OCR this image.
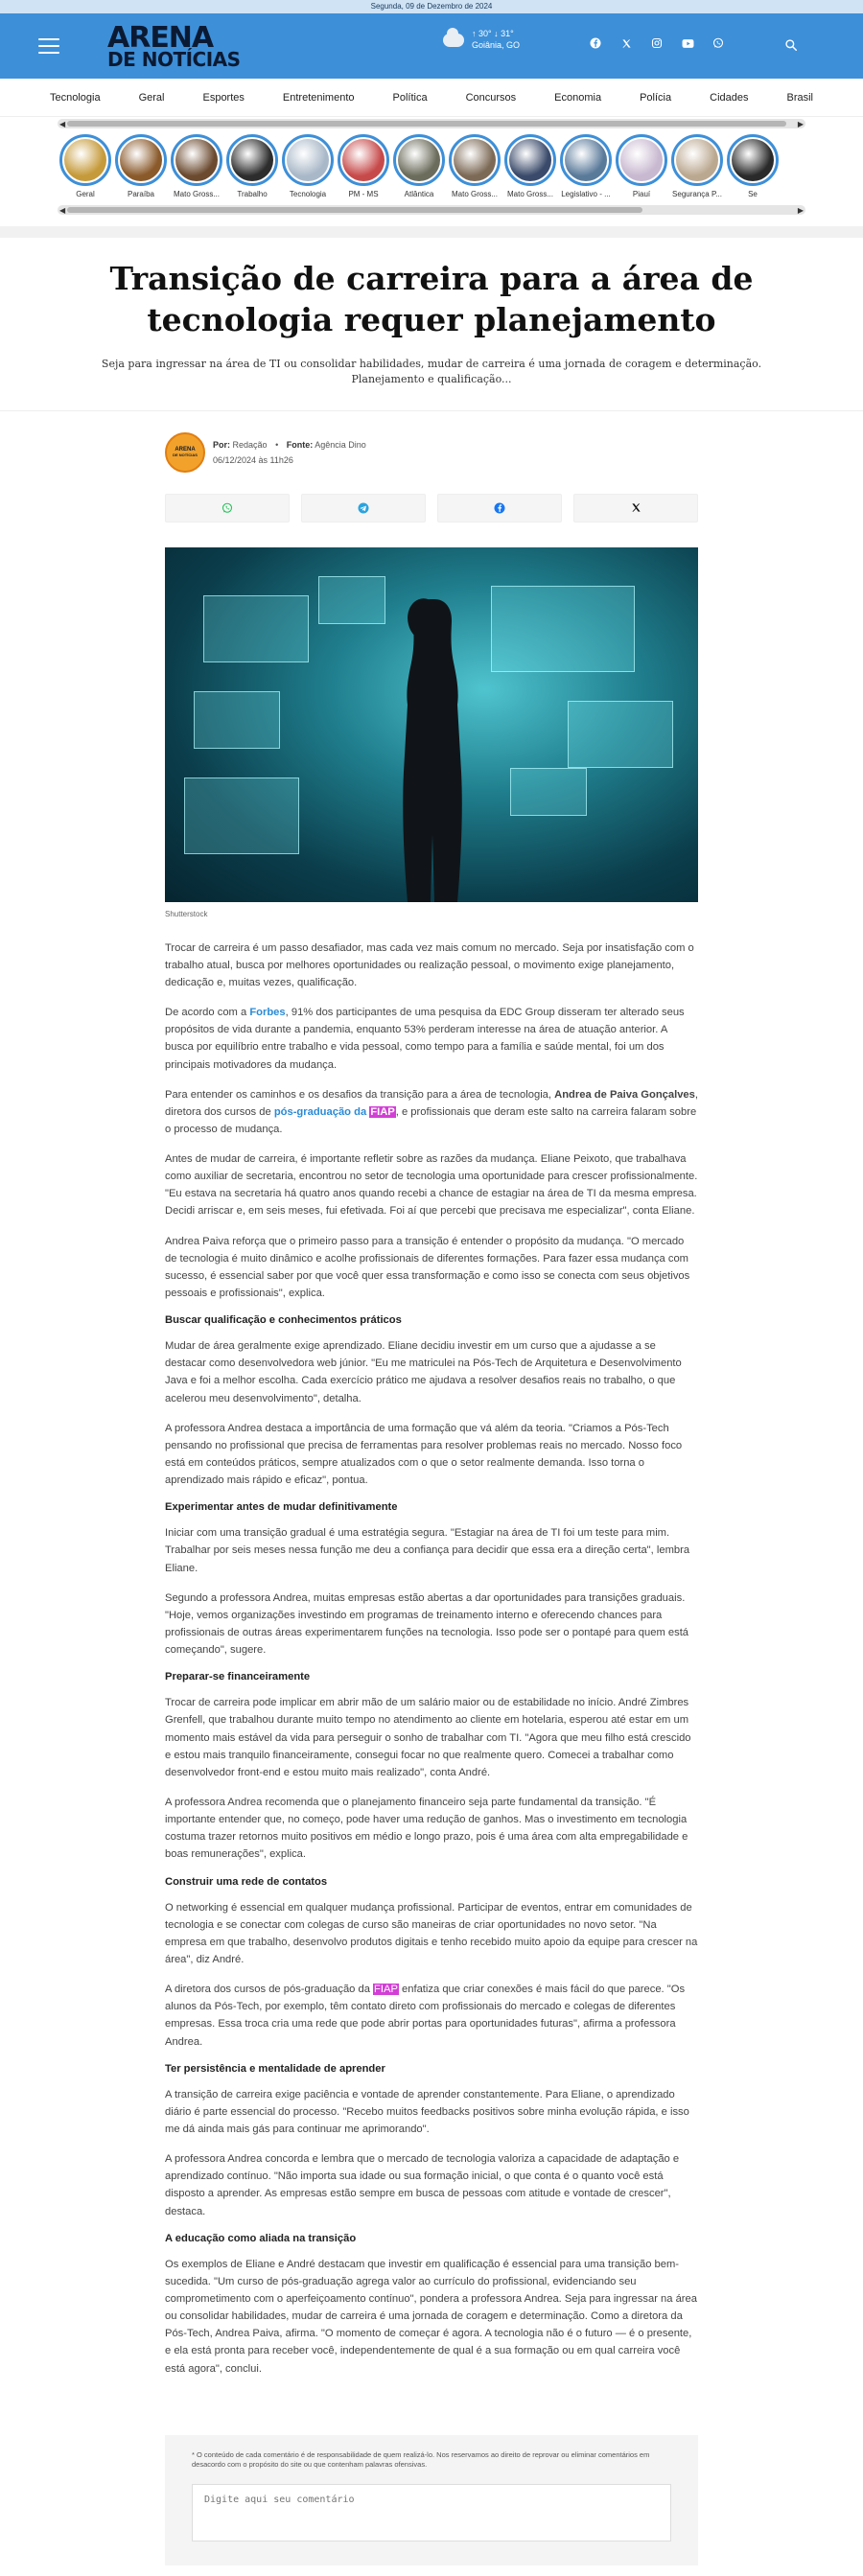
Segunda, 09 de Dezembro de 2024
ARENA
DE NOTÍCIAS
↑ 30° ↓ 31°
Goiânia, GO
Tecnologia	Geral	Esportes	Entretenimento	Política	Concursos	Economia	Polícia	Cidades	Brasil
◀	▶
Geral	Paraíba	Mato Gross...	Trabalho	Tecnologia	PM - MS	Atlântica	Mato Gross...	Mato Gross...	Legislativo - ...	Piauí	Segurança P...	Se
◀	▶
Transição de carreira para a área de tecnologia requer planejamento

Seja para ingressar na área de TI ou consolidar habilidades, mudar de carreira é uma jornada de coragem e determinação. Planejamento e qualificação...

ARENA
DE NOTÍCIAS
Por: Redação • Fonte: Agência Dino
06/12/2024 às 11h26

Shutterstock

Trocar de carreira é um passo desafiador, mas cada vez mais comum no mercado. Seja por insatisfação com o trabalho atual, busca por melhores oportunidades ou realização pessoal, o movimento exige planejamento, dedicação e, muitas vezes, qualificação.

De acordo com a Forbes, 91% dos participantes de uma pesquisa da EDC Group disseram ter alterado seus propósitos de vida durante a pandemia, enquanto 53% perderam interesse na área de atuação anterior. A busca por equilíbrio entre trabalho e vida pessoal, como tempo para a família e saúde mental, foi um dos principais motivadores da mudança.

Para entender os caminhos e os desafios da transição para a área de tecnologia, Andrea de Paiva Gonçalves, diretora dos cursos de pós-graduação da FIAP, e profissionais que deram este salto na carreira falaram sobre o processo de mudança.

Antes de mudar de carreira, é importante refletir sobre as razões da mudança. Eliane Peixoto, que trabalhava como auxiliar de secretaria, encontrou no setor de tecnologia uma oportunidade para crescer profissionalmente. "Eu estava na secretaria há quatro anos quando recebi a chance de estagiar na área de TI da mesma empresa. Decidi arriscar e, em seis meses, fui efetivada. Foi aí que percebi que precisava me especializar", conta Eliane.

Andrea Paiva reforça que o primeiro passo para a transição é entender o propósito da mudança. "O mercado de tecnologia é muito dinâmico e acolhe profissionais de diferentes formações. Para fazer essa mudança com sucesso, é essencial saber por que você quer essa transformação e como isso se conecta com seus objetivos pessoais e profissionais", explica.

Buscar qualificação e conhecimentos práticos

Mudar de área geralmente exige aprendizado. Eliane decidiu investir em um curso que a ajudasse a se destacar como desenvolvedora web júnior. "Eu me matriculei na Pós-Tech de Arquitetura e Desenvolvimento Java e foi a melhor escolha. Cada exercício prático me ajudava a resolver desafios reais no trabalho, o que acelerou meu desenvolvimento", detalha.

A professora Andrea destaca a importância de uma formação que vá além da teoria. "Criamos a Pós-Tech pensando no profissional que precisa de ferramentas para resolver problemas reais no mercado. Nosso foco está em conteúdos práticos, sempre atualizados com o que o setor realmente demanda. Isso torna o aprendizado mais rápido e eficaz", pontua.

Experimentar antes de mudar definitivamente

Iniciar com uma transição gradual é uma estratégia segura. "Estagiar na área de TI foi um teste para mim. Trabalhar por seis meses nessa função me deu a confiança para decidir que essa era a direção certa", lembra Eliane.

Segundo a professora Andrea, muitas empresas estão abertas a dar oportunidades para transições graduais. "Hoje, vemos organizações investindo em programas de treinamento interno e oferecendo chances para profissionais de outras áreas experimentarem funções na tecnologia. Isso pode ser o pontapé para quem está começando", sugere.

Preparar-se financeiramente

Trocar de carreira pode implicar em abrir mão de um salário maior ou de estabilidade no início. André Zimbres Grenfell, que trabalhou durante muito tempo no atendimento ao cliente em hotelaria, esperou até estar em um momento mais estável da vida para perseguir o sonho de trabalhar com TI. "Agora que meu filho está crescido e estou mais tranquilo financeiramente, consegui focar no que realmente quero. Comecei a trabalhar como desenvolvedor front-end e estou muito mais realizado", conta André.

A professora Andrea recomenda que o planejamento financeiro seja parte fundamental da transição. "É importante entender que, no começo, pode haver uma redução de ganhos. Mas o investimento em tecnologia costuma trazer retornos muito positivos em médio e longo prazo, pois é uma área com alta empregabilidade e boas remunerações", explica.

Construir uma rede de contatos

O networking é essencial em qualquer mudança profissional. Participar de eventos, entrar em comunidades de tecnologia e se conectar com colegas de curso são maneiras de criar oportunidades no novo setor. "Na empresa em que trabalho, desenvolvo produtos digitais e tenho recebido muito apoio da equipe para crescer na área", diz André.

A diretora dos cursos de pós-graduação da FIAP enfatiza que criar conexões é mais fácil do que parece. "Os alunos da Pós-Tech, por exemplo, têm contato direto com profissionais do mercado e colegas de diferentes empresas. Essa troca cria uma rede que pode abrir portas para oportunidades futuras", afirma a professora Andrea.

Ter persistência e mentalidade de aprender

A transição de carreira exige paciência e vontade de aprender constantemente. Para Eliane, o aprendizado diário é parte essencial do processo. "Recebo muitos feedbacks positivos sobre minha evolução rápida, e isso me dá ainda mais gás para continuar me aprimorando".

A professora Andrea concorda e lembra que o mercado de tecnologia valoriza a capacidade de adaptação e aprendizado contínuo. "Não importa sua idade ou sua formação inicial, o que conta é o quanto você está disposto a aprender. As empresas estão sempre em busca de pessoas com atitude e vontade de crescer", destaca.

A educação como aliada na transição

Os exemplos de Eliane e André destacam que investir em qualificação é essencial para uma transição bem-sucedida. "Um curso de pós-graduação agrega valor ao currículo do profissional, evidenciando seu comprometimento com o aperfeiçoamento contínuo", pondera a professora Andrea. Seja para ingressar na área ou consolidar habilidades, mudar de carreira é uma jornada de coragem e determinação. Como a diretora da Pós-Tech, Andrea Paiva, afirma. "O momento de começar é agora. A tecnologia não é o futuro — é o presente, e ela está pronta para receber você, independentemente de qual é a sua formação ou em qual carreira você está agora", conclui.

* O conteúdo de cada comentário é de responsabilidade de quem realizá-lo. Nos reservamos ao direito de reprovar ou eliminar comentários em desacordo com o propósito do site ou que contenham palavras ofensivas.

Digite aqui seu comentário
